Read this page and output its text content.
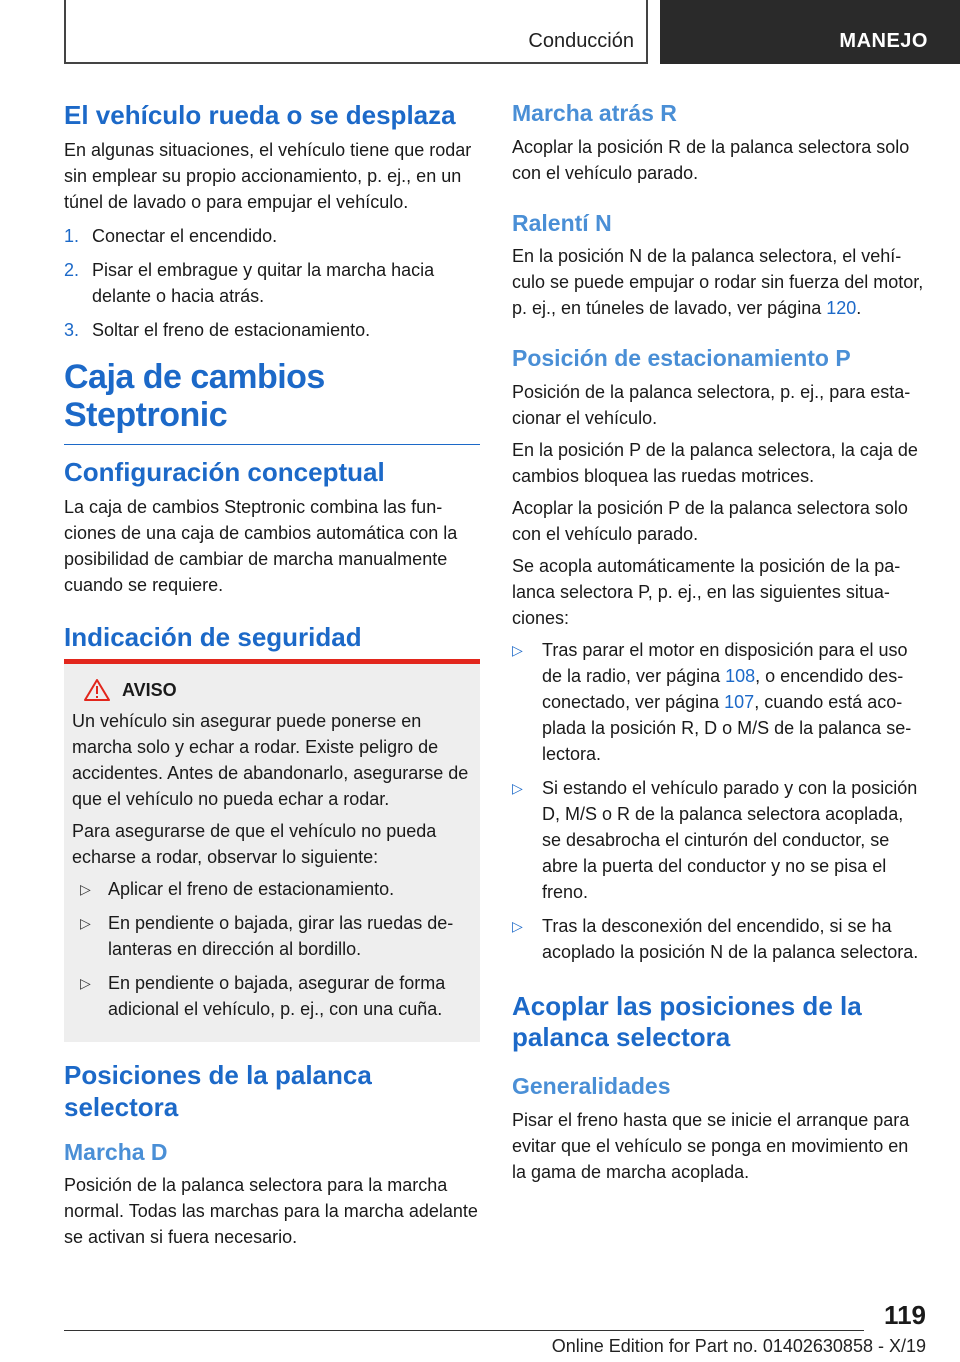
Conducción	MANEJO
El vehículo rueda o se desplaza

En algunas situaciones, el vehículo tiene que rodar sin emplear su propio accionamiento, p. ej., en un túnel de lavado o para empujar el vehículo.

1. Conectar el encendido.
2. Pisar el embrague y quitar la marcha hacia delante o hacia atrás.
3. Soltar el freno de estacionamiento.
Caja de cambios Steptronic
Configuración conceptual

La caja de cambios Steptronic combina las funciones de una caja de cambios automática con la posibilidad de cambiar de marcha manualmente cuando se requiere.

Indicación de seguridad
AVISO

Un vehículo sin asegurar puede ponerse en marcha solo y echar a rodar. Existe peligro de accidentes. Antes de abandonarlo, asegurarse de que el vehículo no pueda echar a rodar.

Para asegurarse de que el vehículo no pueda echarse a rodar, observar lo siguiente:

▷ Aplicar el freno de estacionamiento.
▷ En pendiente o bajada, girar las ruedas delanteras en dirección al bordillo.
▷ En pendiente o bajada, asegurar de forma adicional el vehículo, p. ej., con una cuña.
Posiciones de la palanca selectora
Marcha D

Posición de la palanca selectora para la marcha normal. Todas las marchas para la marcha adelante se activan si fuera necesario.

Marcha atrás R

Acoplar la posición R de la palanca selectora solo con el vehículo parado.

Ralentí N

En la posición N de la palanca selectora, el vehículo se puede empujar o rodar sin fuerza del motor, p. ej., en túneles de lavado, ver página 120.

Posición de estacionamiento P

Posición de la palanca selectora, p. ej., para estacionar el vehículo.

En la posición P de la palanca selectora, la caja de cambios bloquea las ruedas motrices.

Acoplar la posición P de la palanca selectora solo con el vehículo parado.

Se acopla automáticamente la posición de la palanca selectora P, p. ej., en las siguientes situaciones:

▷ Tras parar el motor en disposición para el uso de la radio, ver página 108, o encendido desconectado, ver página 107, cuando está acoplada la posición R, D o M/S de la palanca selectora.
▷ Si estando el vehículo parado y con la posición D, M/S o R de la palanca selectora acoplada, se desabrocha el cinturón del conductor, se abre la puerta del conductor y no se pisa el freno.
▷ Tras la desconexión del encendido, si se ha acoplado la posición N de la palanca selectora.
Acoplar las posiciones de la palanca selectora
Generalidades

Pisar el freno hasta que se inicie el arranque para evitar que el vehículo se ponga en movimiento en la gama de marcha acoplada.

119
Online Edition for Part no. 01402630858 - X/19
